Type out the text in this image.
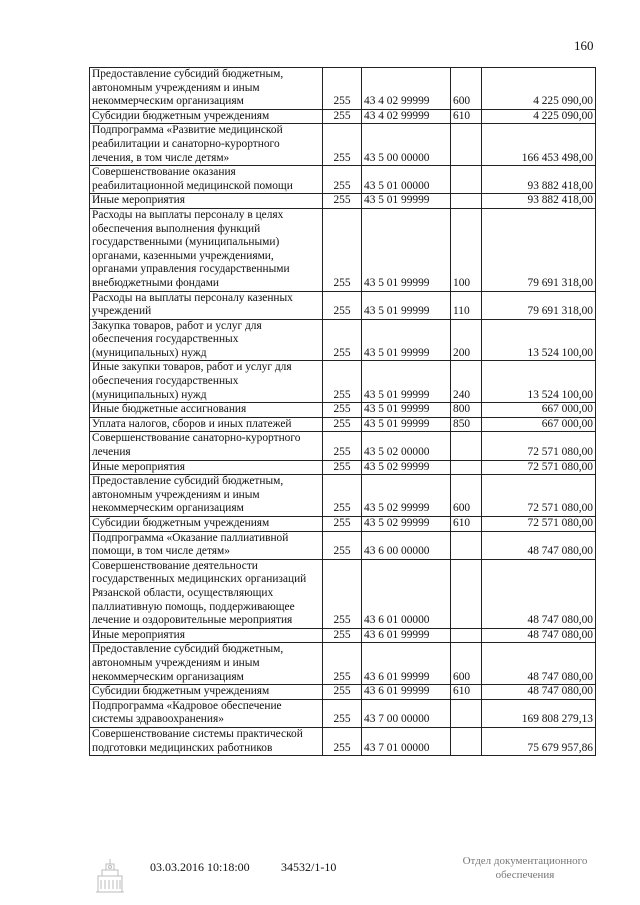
160
Предоставление субсидий бюджетным, автономным учреждениям и иным некоммерческим организациям	255	43 4 02 99999	600	4 225 090,00
Субсидии бюджетным учреждениям	255	43 4 02 99999	610	4 225 090,00
Подпрограмма «Развитие медицинской реабилитации и санаторно-курортного лечения, в том числе детям»	255	43 5 00 00000		166 453 498,00
Совершенствование оказания реабилитационной медицинской помощи	255	43 5 01 00000		93 882 418,00
Иные мероприятия	255	43 5 01 99999		93 882 418,00
Расходы на выплаты персоналу в целях обеспечения выполнения функций государственными (муниципальными) органами, казенными учреждениями, органами управления государственными внебюджетными фондами	255	43 5 01 99999	100	79 691 318,00
Расходы на выплаты персоналу казенных учреждений	255	43 5 01 99999	110	79 691 318,00
Закупка товаров, работ и услуг для обеспечения государственных (муниципальных) нужд	255	43 5 01 99999	200	13 524 100,00
Иные закупки товаров, работ и услуг для обеспечения государственных (муниципальных) нужд	255	43 5 01 99999	240	13 524 100,00
Иные бюджетные ассигнования	255	43 5 01 99999	800	667 000,00
Уплата налогов, сборов и иных платежей	255	43 5 01 99999	850	667 000,00
Совершенствование санаторно-курортного лечения	255	43 5 02 00000		72 571 080,00
Иные мероприятия	255	43 5 02 99999		72 571 080,00
Предоставление субсидий бюджетным, автономным учреждениям и иным некоммерческим организациям	255	43 5 02 99999	600	72 571 080,00
Субсидии бюджетным учреждениям	255	43 5 02 99999	610	72 571 080,00
Подпрограмма «Оказание паллиативной помощи, в том числе детям»	255	43 6 00 00000		48 747 080,00
Совершенствование деятельности государственных медицинских организаций Рязанской области, осуществляющих паллиативную помощь, поддерживающее лечение и оздоровительные мероприятия	255	43 6 01 00000		48 747 080,00
Иные мероприятия	255	43 6 01 99999		48 747 080,00
Предоставление субсидий бюджетным, автономным учреждениям и иным некоммерческим организациям	255	43 6 01 99999	600	48 747 080,00
Субсидии бюджетным учреждениям	255	43 6 01 99999	610	48 747 080,00
Подпрограмма «Кадровое обеспечение системы здравоохранения»	255	43 7 00 00000		169 808 279,13
Совершенствование системы практической подготовки медицинских работников	255	43 7 01 00000		75 679 957,86
03.03.2016 10:18:00	34532/1-10	Отдел документационного обеспечения
